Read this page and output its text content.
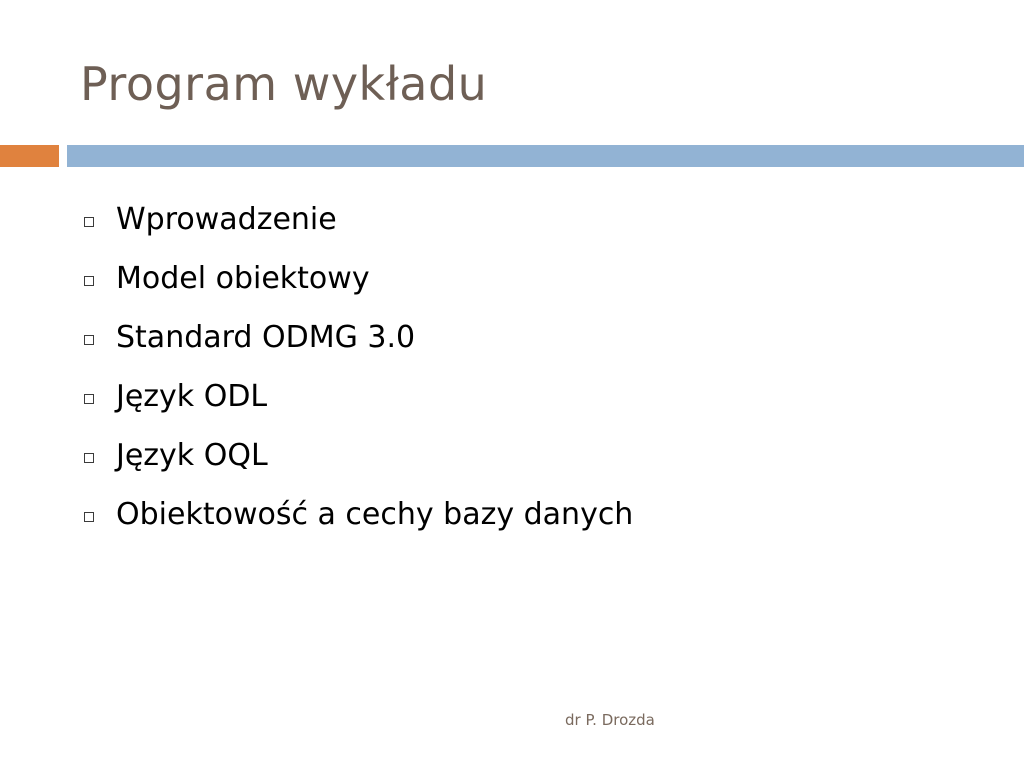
Program wykładu
Wprowadzenie
Model obiektowy
Standard ODMG 3.0
Język ODL
Język OQL
Obiektowość a cechy bazy danych
dr P. Drozda
